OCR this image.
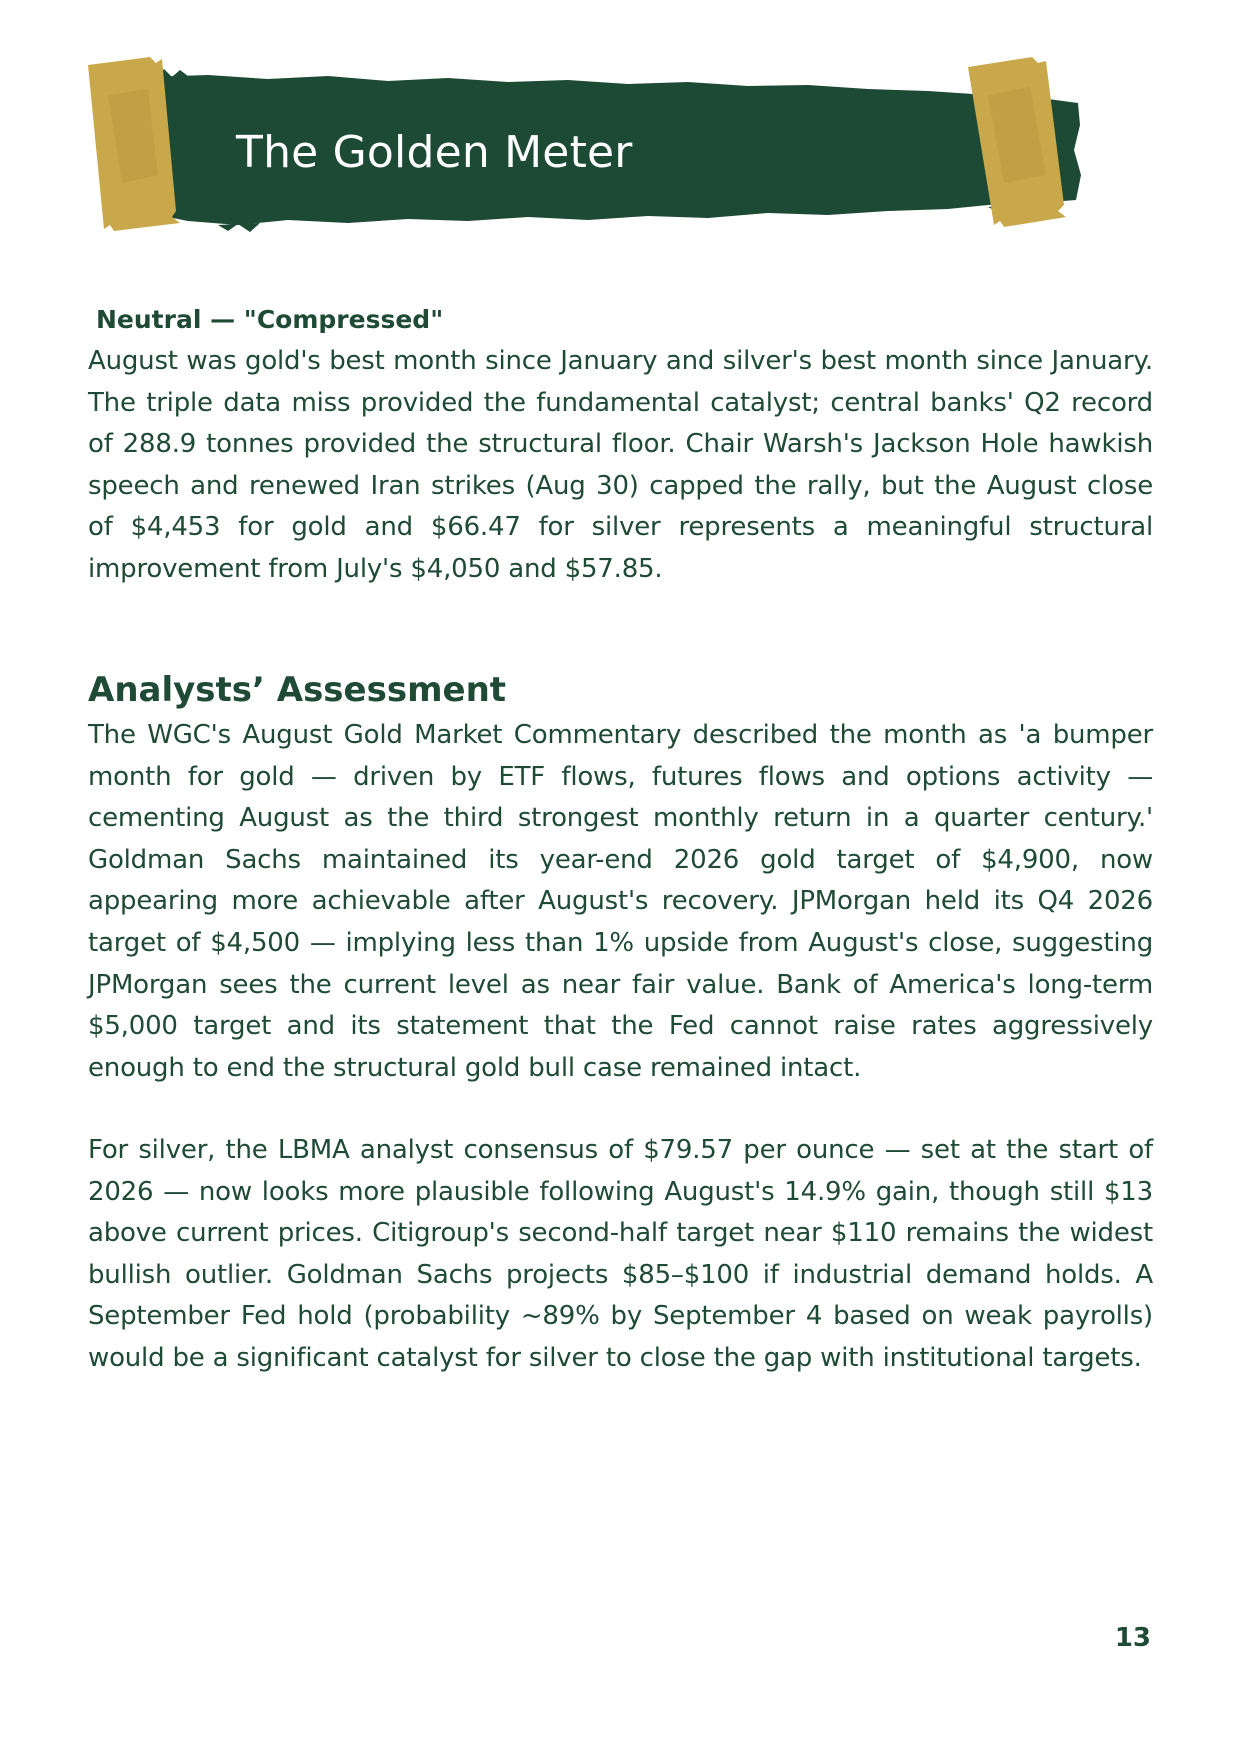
The Golden Meter

Neutral — "Compressed"

August was gold's best month since January and silver's best month since January. The triple data miss provided the fundamental catalyst; central banks' Q2 record of 288.9 tonnes provided the structural floor. Chair Warsh's Jackson Hole hawkish speech and renewed Iran strikes (Aug 30) capped the rally, but the August close of $4,453 for gold and $66.47 for silver represents a meaningful structural improvement from July's $4,050 and $57.85.

Analysts’ Assessment

The WGC's August Gold Market Commentary described the month as 'a bumper month for gold — driven by ETF flows, futures flows and options activity — cementing August as the third strongest monthly return in a quarter century.' Goldman Sachs maintained its year-end 2026 gold target of $4,900, now appearing more achievable after August's recovery. JPMorgan held its Q4 2026 target of $4,500 — implying less than 1% upside from August's close, suggesting JPMorgan sees the current level as near fair value. Bank of America's long-term $5,000 target and its statement that the Fed cannot raise rates aggressively enough to end the structural gold bull case remained intact.

For silver, the LBMA analyst consensus of $79.57 per ounce — set at the start of 2026 — now looks more plausible following August's 14.9% gain, though still $13 above current prices. Citigroup's second-half target near $110 remains the widest bullish outlier. Goldman Sachs projects $85–$100 if industrial demand holds. A September Fed hold (probability ~89% by September 4 based on weak payrolls) would be a significant catalyst for silver to close the gap with institutional targets.

13
